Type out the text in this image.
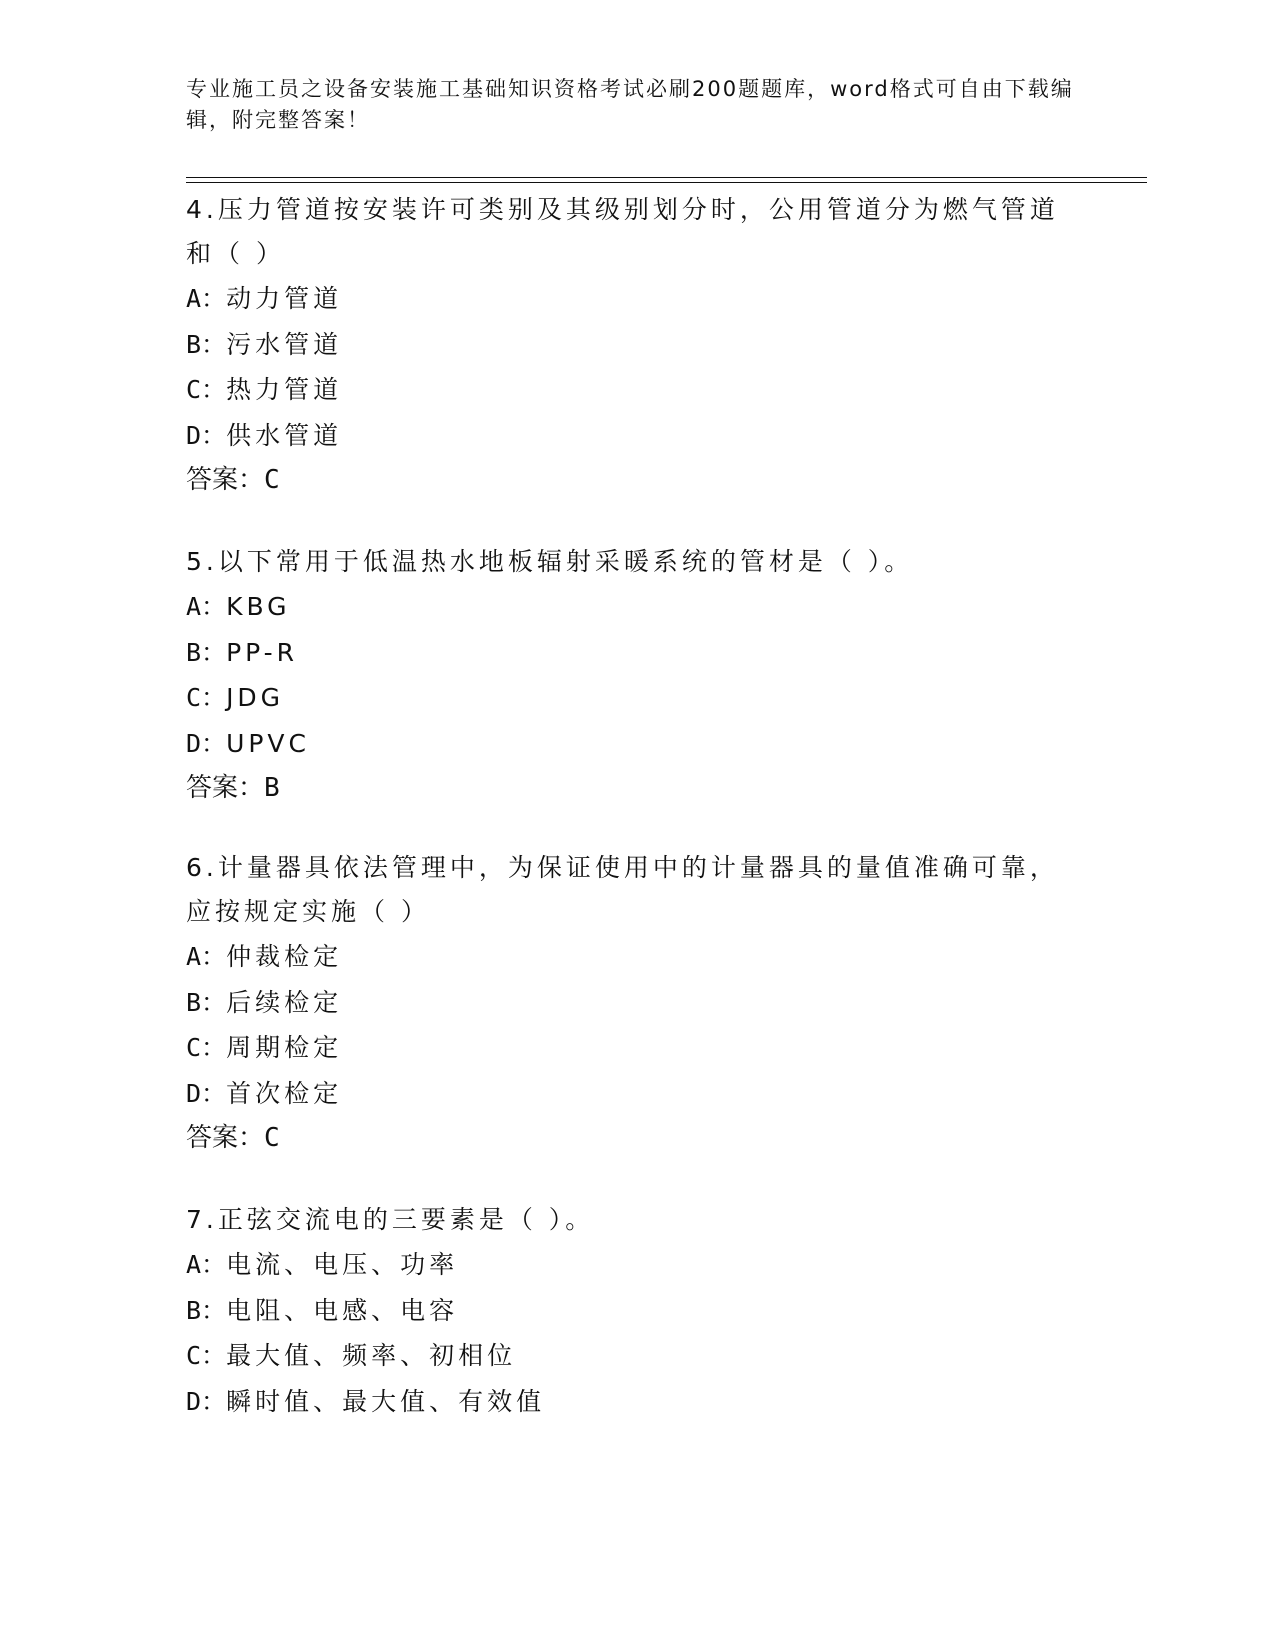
专业施工员之设备安装施工基础知识资格考试必刷200题题库，word格式可自由下载编辑，附完整答案！

4.压力管道按安装许可类别及其级别划分时，公用管道分为燃气管道和（ ）

A：动力管道

B：污水管道

C：热力管道

D：供水管道

答案：C

5.以下常用于低温热水地板辐射采暖系统的管材是（ ）。

A：KBG

B：PP-R

C：JDG

D：UPVC

答案：B

6.计量器具依法管理中，为保证使用中的计量器具的量值准确可靠，应按规定实施（ ）

A：仲裁检定

B：后续检定

C：周期检定

D：首次检定

答案：C

7.正弦交流电的三要素是（ ）。

A：电流、电压、功率

B：电阻、电感、电容

C：最大值、频率、初相位

D：瞬时值、最大值、有效值
